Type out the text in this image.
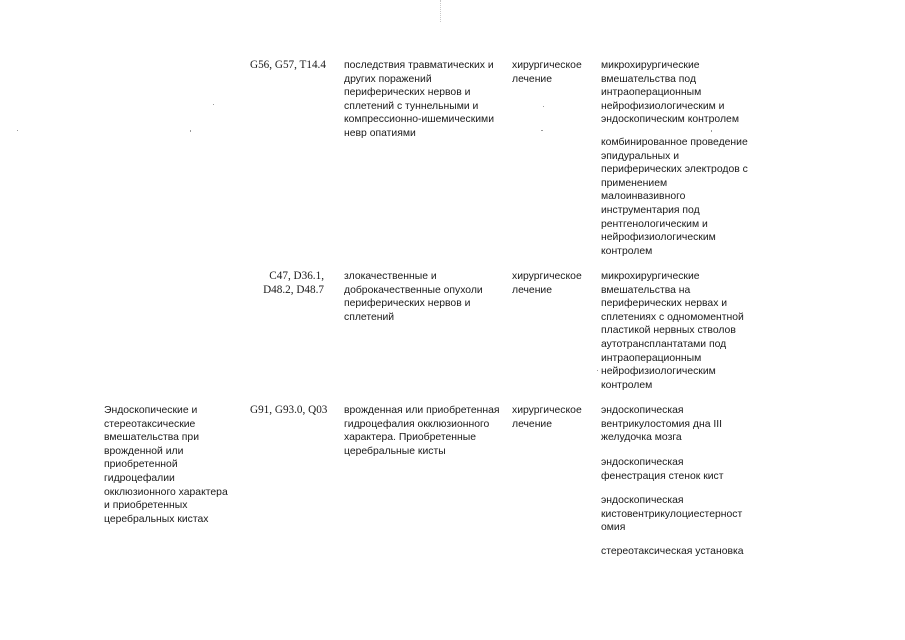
G56, G57, T14.4 последствия травматических и
других поражений
периферических нервов и
сплетений с туннельными и
компрессионно-ишемическими
невр опатиями
хирургическое
лечение
микрохирургические
вмешательства под
интраоперационным
нейрофизиологическим и
эндоскопическим контролем
комбинированное проведение
эпидуральных и
периферических электродов с
применением
малоинвазивного
инструментария под
рентгенологическим и
нейрофизиологическим
контролем
C47, D36.1,
D48.2, D48.7
злокачественные и
доброкачественные опухоли
периферических нервов и
сплетений
хирургическое
лечение
микрохирургические
вмешательства на
периферических нервах и
сплетениях с одномоментной
пластикой нервных стволов
аутотрансплантатами под
интраоперационным
нейрофизиологическим
контролем
Эндоскопические и
стереотаксические
вмешательства при
врожденной или
приобретенной
гидроцефалии
окклюзионного характера
и приобретенных
церебральных кистах
G91, G93.0, Q03 врожденная или приобретенная
гидроцефалия окклюзионного
характера. Приобретенные
церебральные кисты
хирургическое
лечение
эндоскопическая
вентрикулостомия дна III
желудочка мозга
эндоскопическая
фенестрация стенок кист
эндоскопическая
кистовентрикулоциестерност
омия
стереотаксическая установка
